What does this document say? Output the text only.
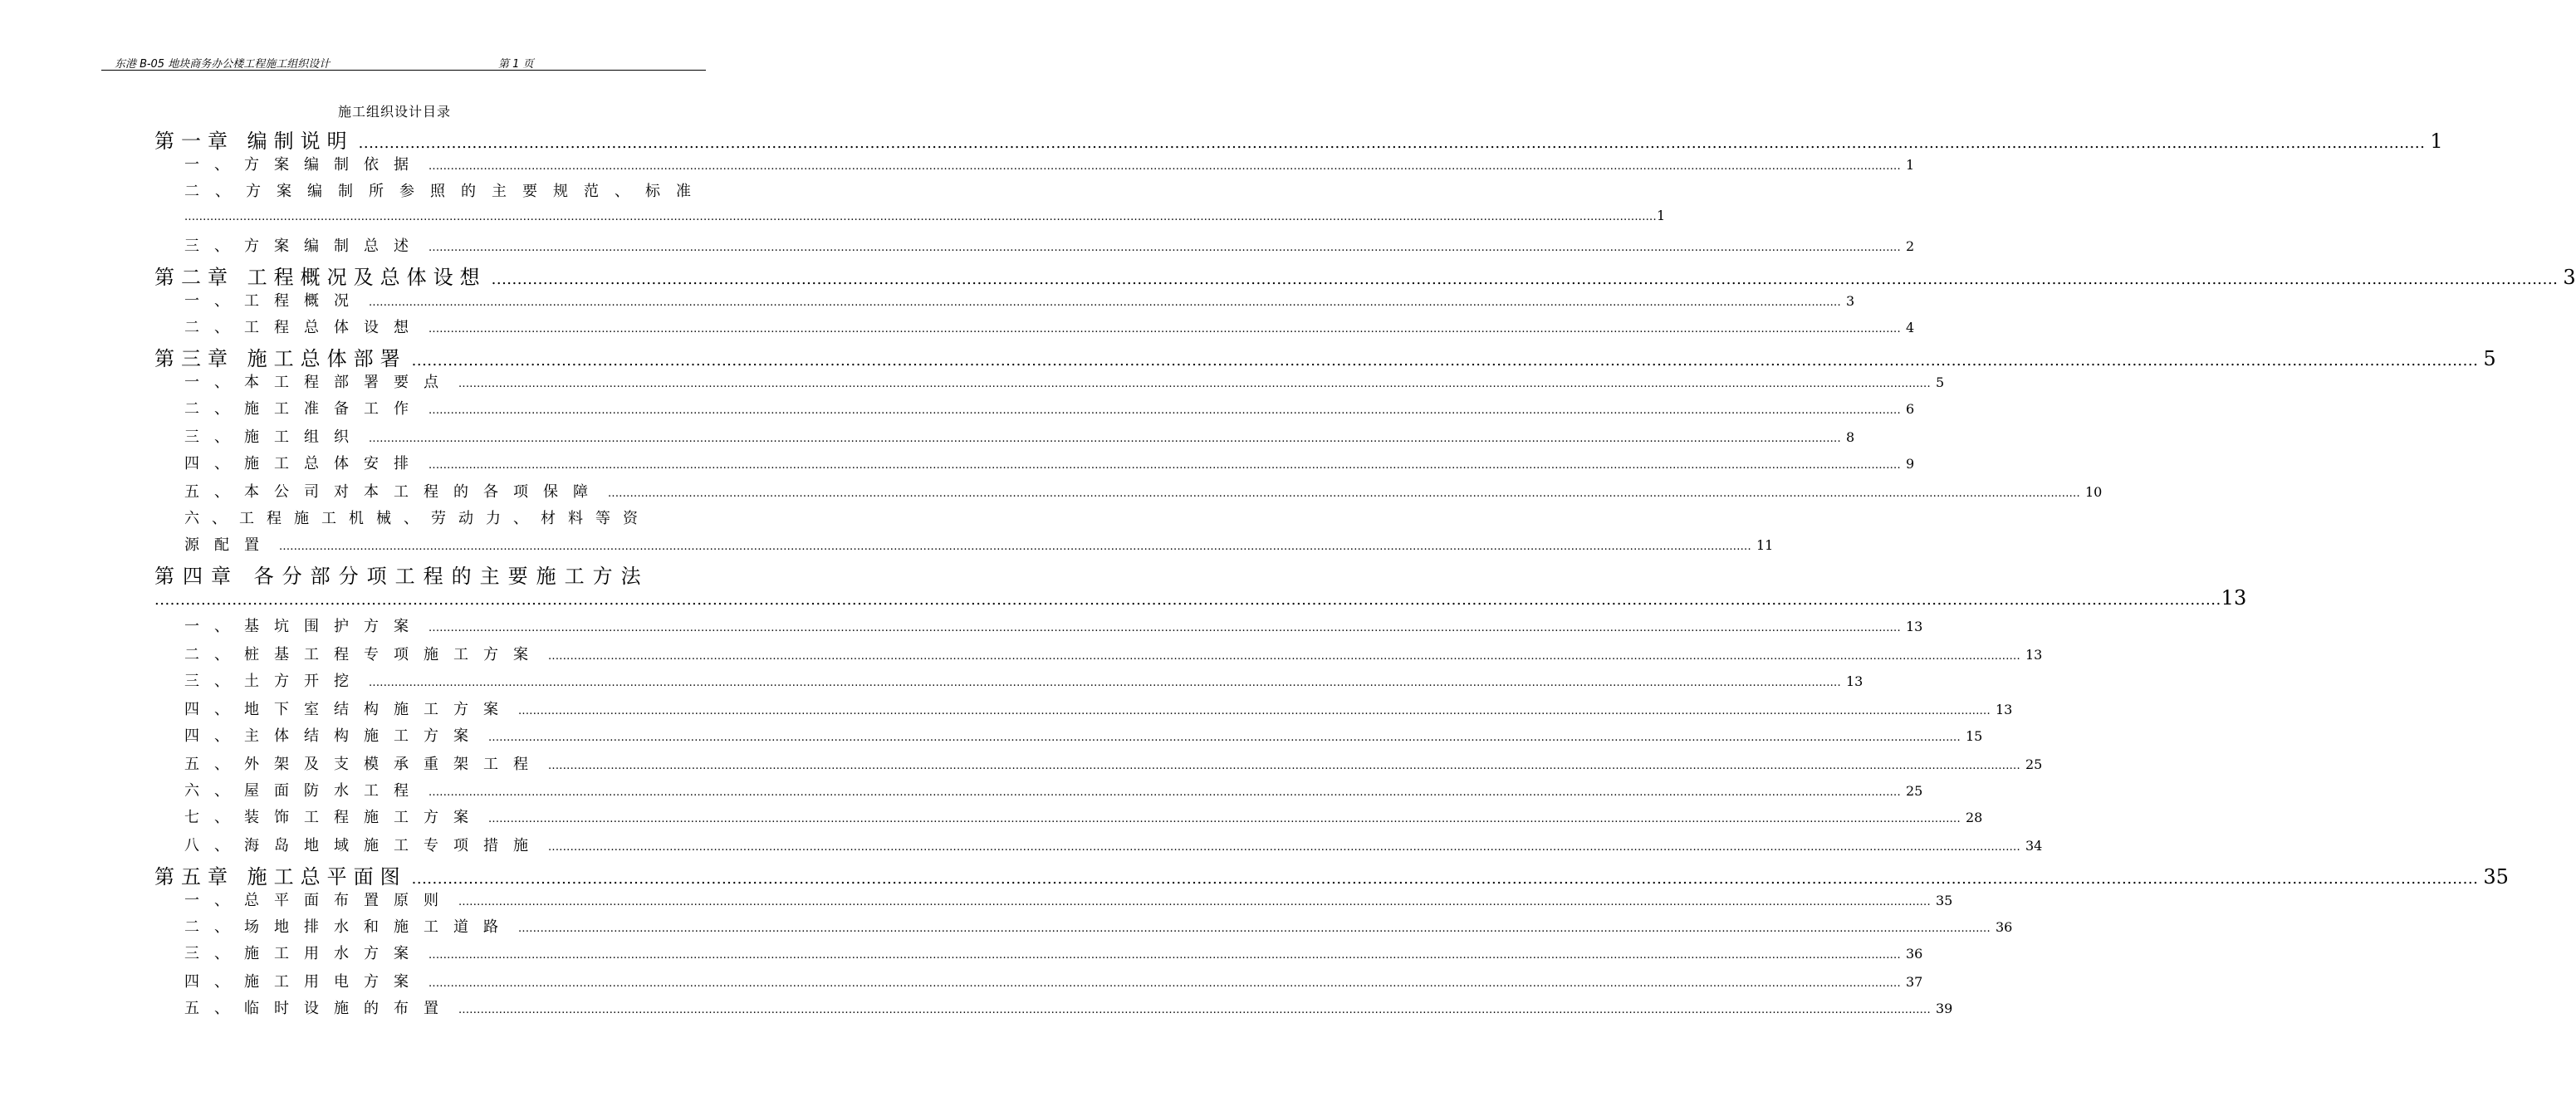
东港 B-05 地块商务办公楼工程施工组织设计	第 1 页
施工组织设计目录
第一章 编制说明 ................................................................................................................................................................................................................................................................................................................................................................................................................ 1
一、方案编制依据 ................................................................................................................................................................................................................................................................................................................................................................................................................ 1
二、方案编制所参照的主要规范、标准
................................................................................................................................................................................................................................................................................................................................................................................................................ 1
三、方案编制总述 ................................................................................................................................................................................................................................................................................................................................................................................................................ 2
第二章 工程概况及总体设想 ................................................................................................................................................................................................................................................................................................................................................................................................................ 3
一、工程概况 ................................................................................................................................................................................................................................................................................................................................................................................................................ 3
二、工程总体设想 ................................................................................................................................................................................................................................................................................................................................................................................................................ 4
第三章 施工总体部署 ................................................................................................................................................................................................................................................................................................................................................................................................................ 5
一、本工程部署要点 ................................................................................................................................................................................................................................................................................................................................................................................................................ 5
二、施工准备工作 ................................................................................................................................................................................................................................................................................................................................................................................................................ 6
三、施工组织 ................................................................................................................................................................................................................................................................................................................................................................................................................ 8
四、施工总体安排 ................................................................................................................................................................................................................................................................................................................................................................................................................ 9
五、本公司对本工程的各项保障 ................................................................................................................................................................................................................................................................................................................................................................................................................ 10
六、工程施工机械、劳动力、材料等资
源配置 ................................................................................................................................................................................................................................................................................................................................................................................................................ 11
第四章 各分部分项工程的主要施工方法
................................................................................................................................................................................................................................................................................................................................................................................................................ 13
一、基坑围护方案 ................................................................................................................................................................................................................................................................................................................................................................................................................ 13
二、桩基工程专项施工方案 ................................................................................................................................................................................................................................................................................................................................................................................................................ 13
三、土方开挖 ................................................................................................................................................................................................................................................................................................................................................................................................................ 13
四、地下室结构施工方案 ................................................................................................................................................................................................................................................................................................................................................................................................................ 13
四、主体结构施工方案 ................................................................................................................................................................................................................................................................................................................................................................................................................ 15
五、外架及支模承重架工程 ................................................................................................................................................................................................................................................................................................................................................................................................................ 25
六、屋面防水工程 ................................................................................................................................................................................................................................................................................................................................................................................................................ 25
七、装饰工程施工方案 ................................................................................................................................................................................................................................................................................................................................................................................................................ 28
八、海岛地域施工专项措施 ................................................................................................................................................................................................................................................................................................................................................................................................................ 34
第五章 施工总平面图 ................................................................................................................................................................................................................................................................................................................................................................................................................ 35
一、总平面布置原则 ................................................................................................................................................................................................................................................................................................................................................................................................................ 35
二、场地排水和施工道路 ................................................................................................................................................................................................................................................................................................................................................................................................................ 36
三、施工用水方案 ................................................................................................................................................................................................................................................................................................................................................................................................................ 36
四、施工用电方案 ................................................................................................................................................................................................................................................................................................................................................................................................................ 37
五、临时设施的布置 ................................................................................................................................................................................................................................................................................................................................................................................................................ 39
